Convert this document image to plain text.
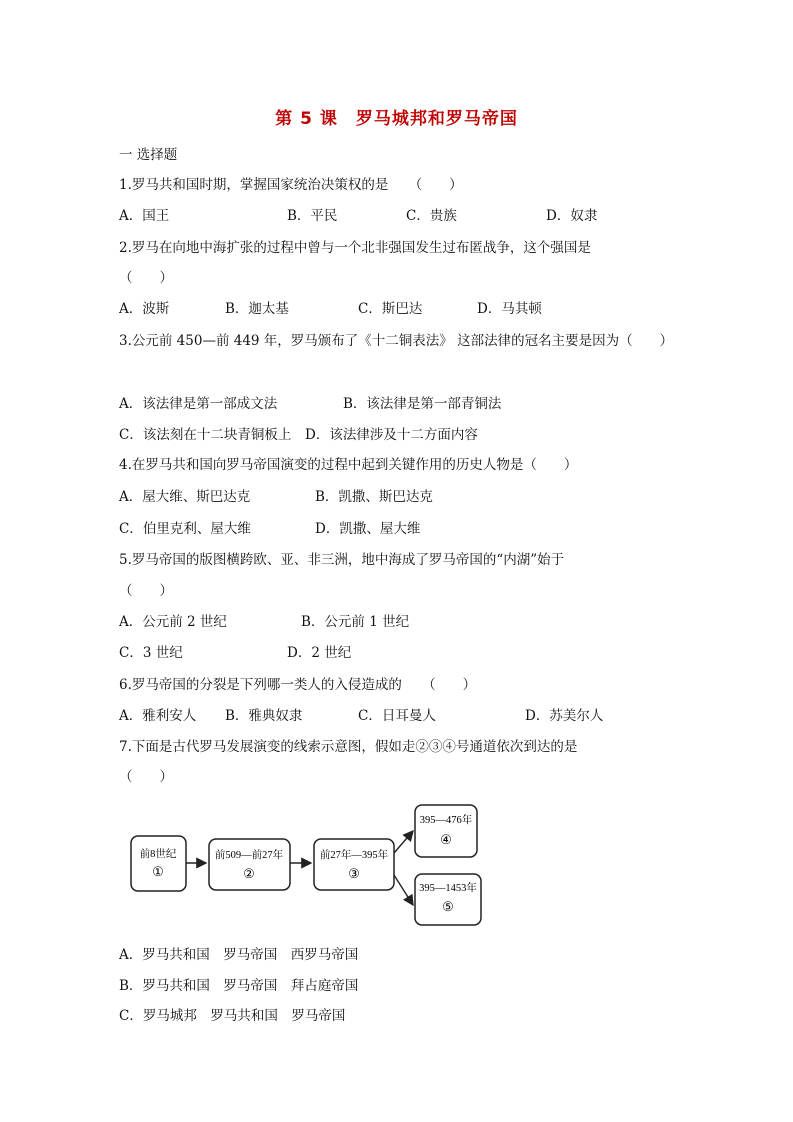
第 5 课　罗马城邦和罗马帝国
一 选择题
1.罗马共和国时期，掌握国家统治决策权的是　　（　　）
A．国王	B．平民	C．贵族	D．奴隶
2.罗马在向地中海扩张的过程中曾与一个北非强国发生过布匿战争，这个强国是
（　　）
A．波斯	B．迦太基	C．斯巴达	D．马其顿
3.公元前 450—前 449 年，罗马颁布了《十二铜表法》 这部法律的冠名主要是因为（　　）
A．该法律是第一部成文法	B．该法律是第一部青铜法
C．该法刻在十二块青铜板上 D．该法律涉及十二方面内容
4.在罗马共和国向罗马帝国演变的过程中起到关键作用的历史人物是（　　）
A．屋大维、斯巴达克	B．凯撒、斯巴达克
C．伯里克利、屋大维	D．凯撒、屋大维
5.罗马帝国的版图横跨欧、亚、非三洲，地中海成了罗马帝国的“内湖”始于
（　　）
A．公元前 2 世纪	B．公元前 1 世纪
C．3 世纪	D．2 世纪
6.罗马帝国的分裂是下列哪一类人的入侵造成的　　（　　）
A．雅利安人 B．雅典奴隶	C．日耳曼人	D．苏美尔人
7.下面是古代罗马发展演变的线索示意图，假如走②③④号通道依次到达的是
（　　）
前8世纪
①
前509—前27年
②
前27年—395年
③
395—476年
④
395—1453年
⑤
A．罗马共和国　罗马帝国　西罗马帝国
B．罗马共和国　罗马帝国　拜占庭帝国
C．罗马城邦　罗马共和国　罗马帝国
